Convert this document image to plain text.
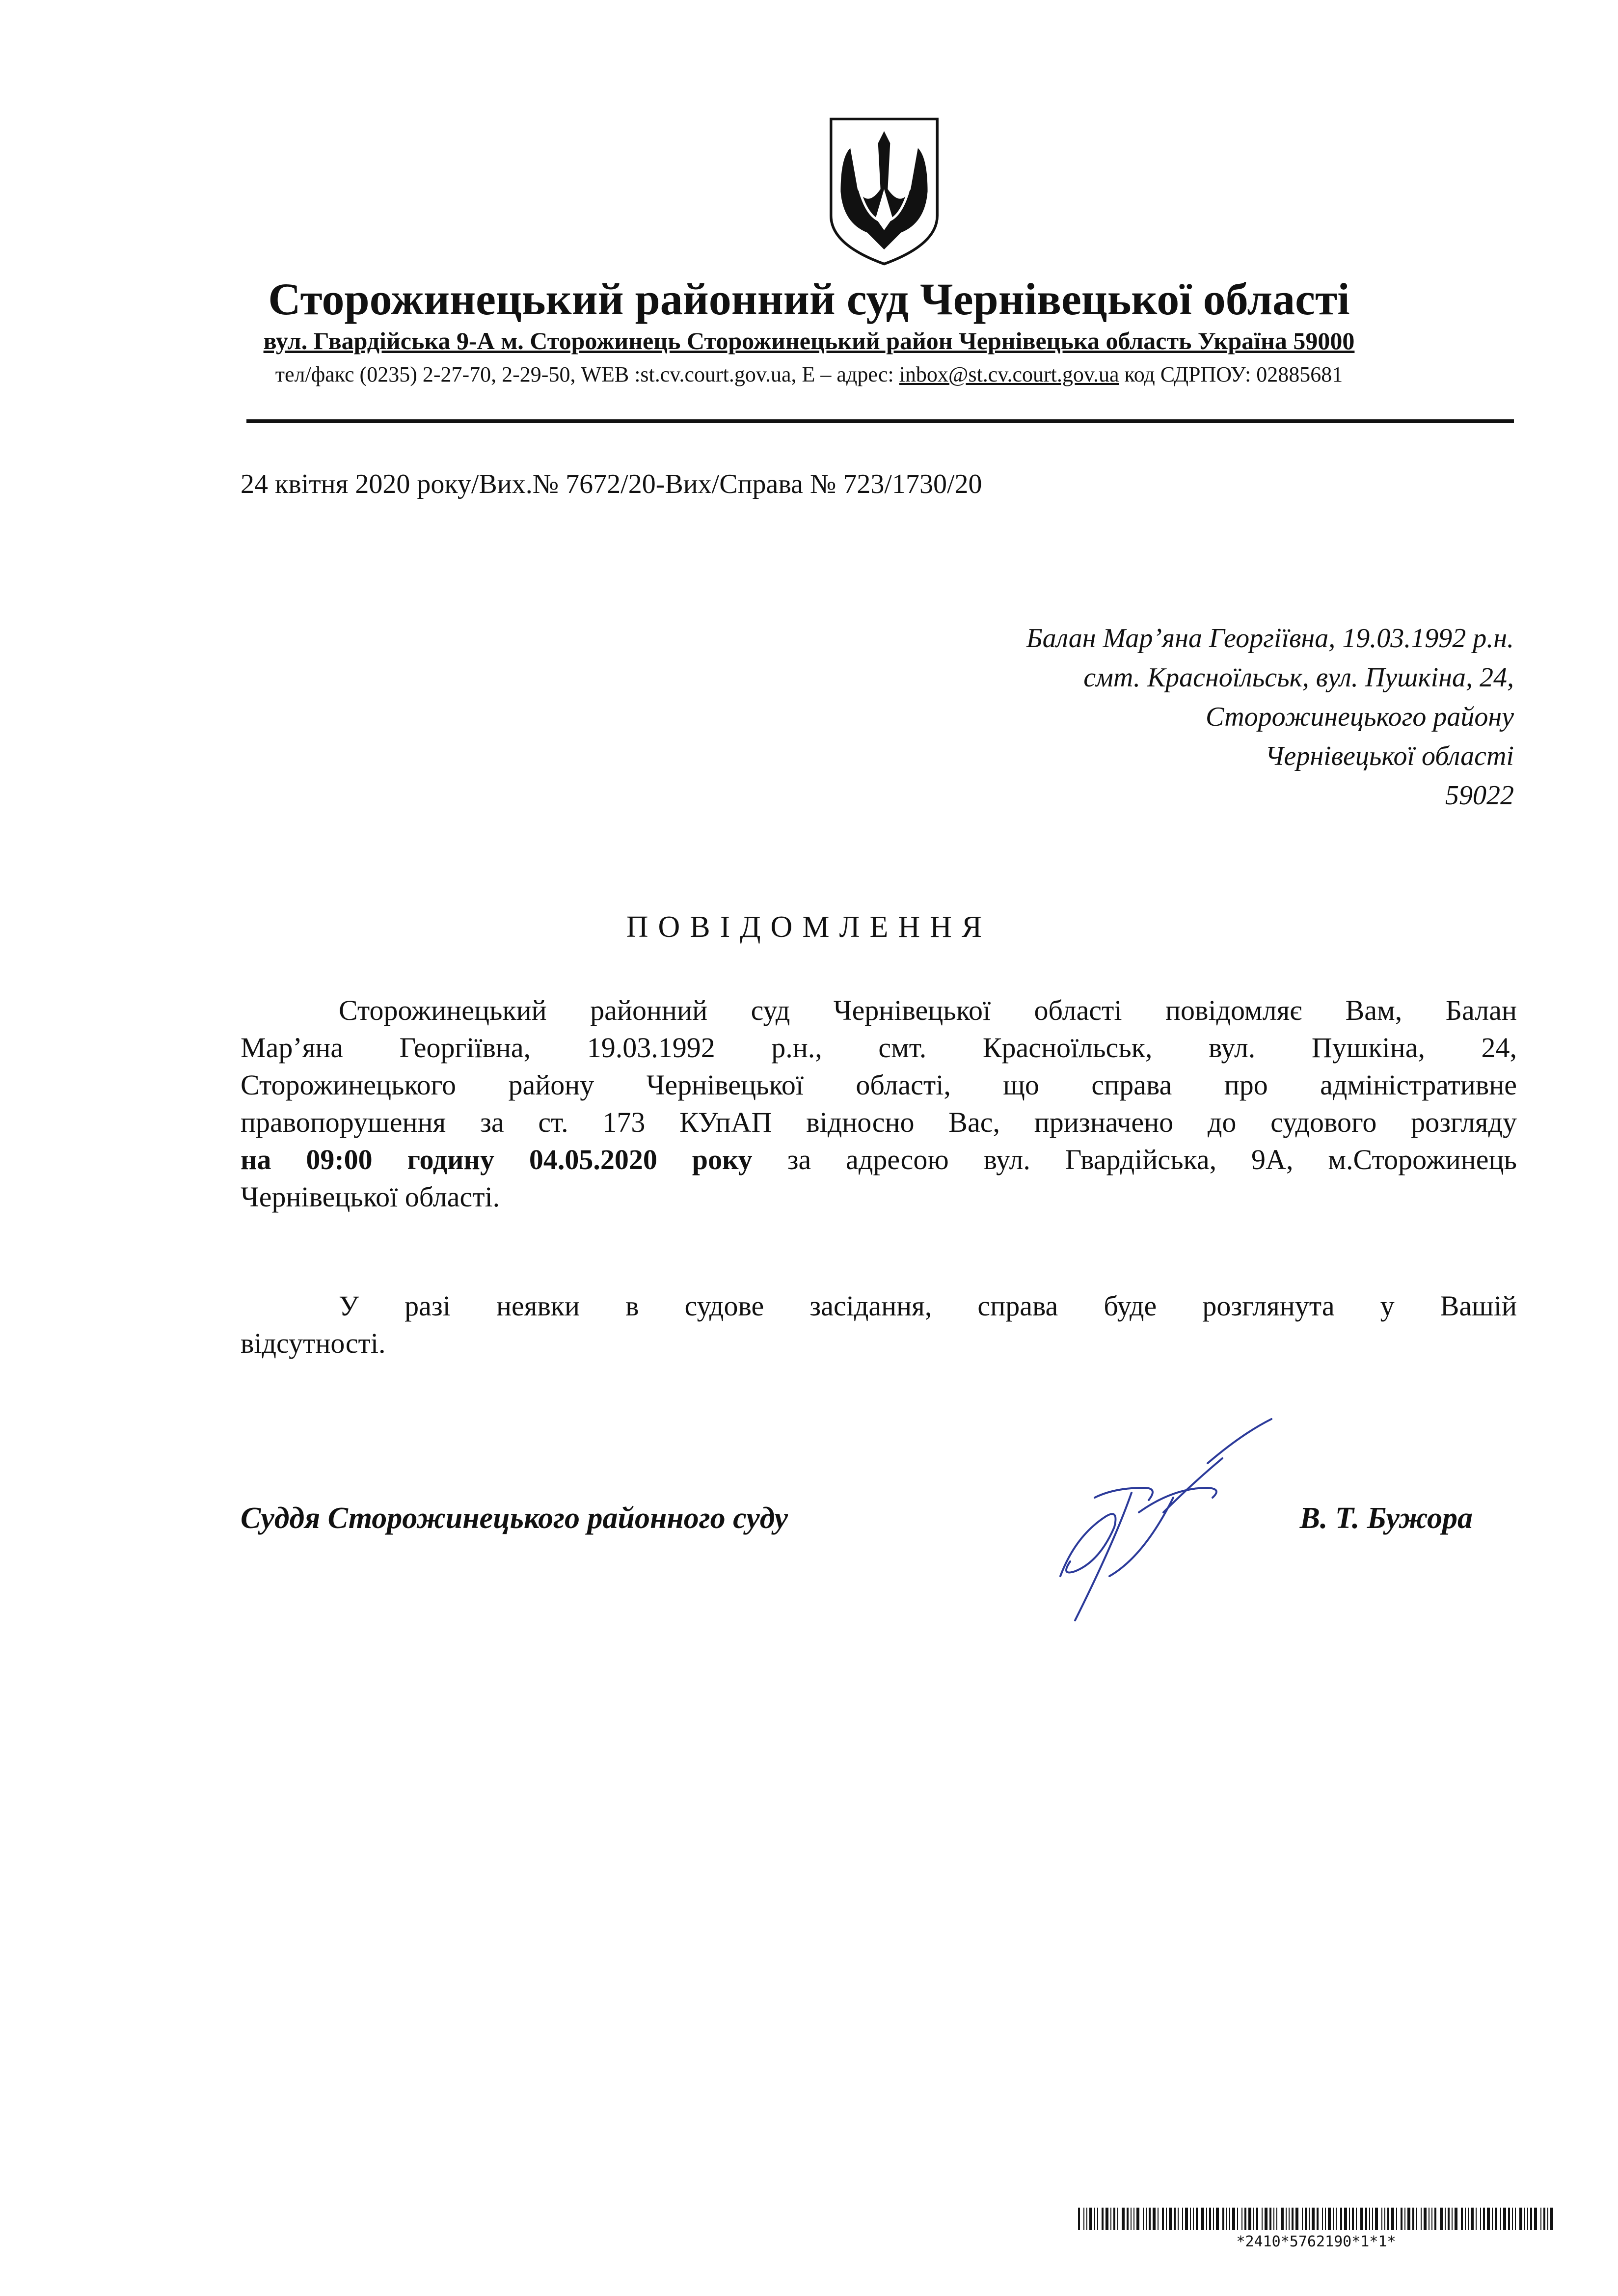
Сторожинецький районний суд Чернівецької області
вул. Гвардійська 9-А м. Сторожинець Сторожинецький район Чернівецька область Україна 59000
тел/факс (0235) 2-27-70, 2-29-50, WEB :st.cv.court.gov.ua, E – адрес: inbox@st.cv.court.gov.ua код СДРПОУ: 02885681
24 квітня 2020 року/Вих.№ 7672/20-Вих/Справа № 723/1730/20
Балан Мар’яна Георгіївна, 19.03.1992 р.н.
смт. Красноїльськ, вул. Пушкіна, 24,
Сторожинецького району
Чернівецької області
59022
ПОВІДОМЛЕННЯ
Сторожинецький районний суд Чернівецької області повідомляє Вам, Балан
Мар’яна Георгіївна, 19.03.1992 р.н., смт. Красноїльськ, вул. Пушкіна, 24,
Сторожинецького району Чернівецької області, що справа про адміністративне
правопорушення за ст. 173 КУпАП відносно Вас, призначено до судового розгляду
на 09:00 годину 04.05.2020 року за адресою вул. Гвардійська, 9А, м.Сторожинець
Чернівецької області.
У разі неявки в судове засідання, справа буде розглянута у Вашій
відсутності.
Суддя Сторожинецького районного суду	В. Т. Бужора
*2410*5762190*1*1*
